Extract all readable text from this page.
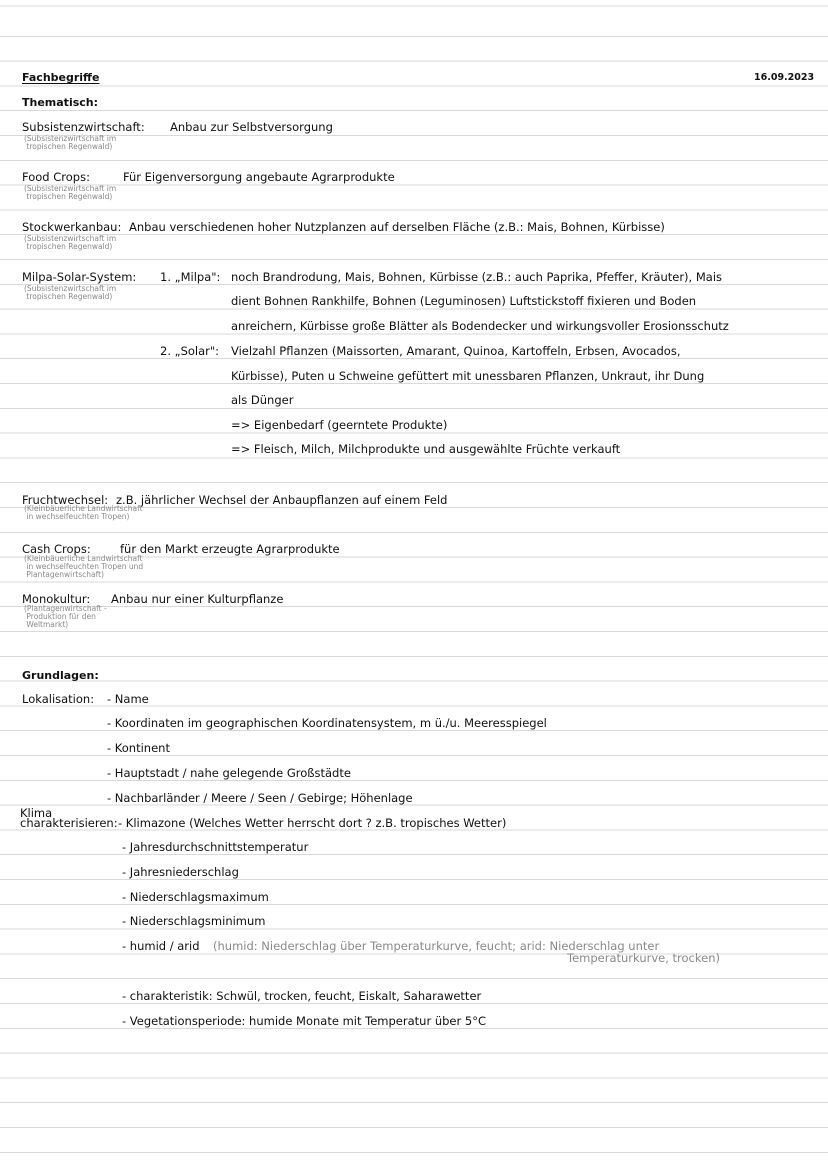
Fachbegriffe	16.09.2023
Thematisch:
Subsistenzwirtschaft: Anbau zur Selbstversorgung
(Subsistenzwirtschaft im
tropischen Regenwald)
Food Crops:	Für Eigenversorgung angebaute Agrarprodukte
(Subsistenzwirtschaft im
tropischen Regenwald)
Stockwerkanbau: Anbau verschiedenen hoher Nutzplanzen auf derselben Fläche (z.B.: Mais, Bohnen, Kürbisse)
(Subsistenzwirtschaft im
tropischen Regenwald)
Milpa-Solar-System:
(Subsistenzwirtschaft im
tropischen Regenwald)
1. „Milpa": noch Brandrodung, Mais, Bohnen, Kürbisse (z.B.: auch Paprika, Pfeffer, Kräuter), Mais
dient Bohnen Rankhilfe, Bohnen (Leguminosen) Luftstickstoff fixieren und Boden
anreichern, Kürbisse große Blätter als Bodendecker und wirkungsvoller Erosionsschutz
2. „Solar": Vielzahl Pflanzen (Maissorten, Amarant, Quinoa, Kartoffeln, Erbsen, Avocados,
Kürbisse), Puten u Schweine gefüttert mit unessbaren Pflanzen, Unkraut, ihr Dung
als Dünger
=> Eigenbedarf (geerntete Produkte)
=> Fleisch, Milch, Milchprodukte und ausgewählte Früchte verkauft
Fruchtwechsel: z.B. jährlicher Wechsel der Anbaupflanzen auf einem Feld
(Kleinbäuerliche Landwirtschaft
in wechselfeuchten Tropen)
Cash Crops:	für den Markt erzeugte Agrarprodukte
(Kleinbäuerliche Landwirtschaft
in wechselfeuchten Tropen und
Plantagenwirtschaft)
Monokultur: Anbau nur einer Kulturpflanze
(Plantagenwirtschaft -
Produktion für den
Weltmarkt)
Grundlagen:
Lokalisation: - Name
- Koordinaten im geographischen Koordinatensystem, m ü./u. Meeresspiegel
- Kontinent
- Hauptstadt / nahe gelegende Großstädte
- Nachbarländer / Meere / Seen / Gebirge; Höhenlage
Klima
charakterisieren: - Klimazone (Welches Wetter herrscht dort ? z.B. tropisches Wetter)
- Jahresdurchschnittstemperatur
- Jahresniederschlag
- Niederschlagsmaximum
- Niederschlagsminimum
- humid / arid (humid: Niederschlag über Temperaturkurve, feucht; arid: Niederschlag unter
Temperaturkurve, trocken)
- charakteristik: Schwül, trocken, feucht, Eiskalt, Saharawetter
- Vegetationsperiode: humide Monate mit Temperatur über 5°C
